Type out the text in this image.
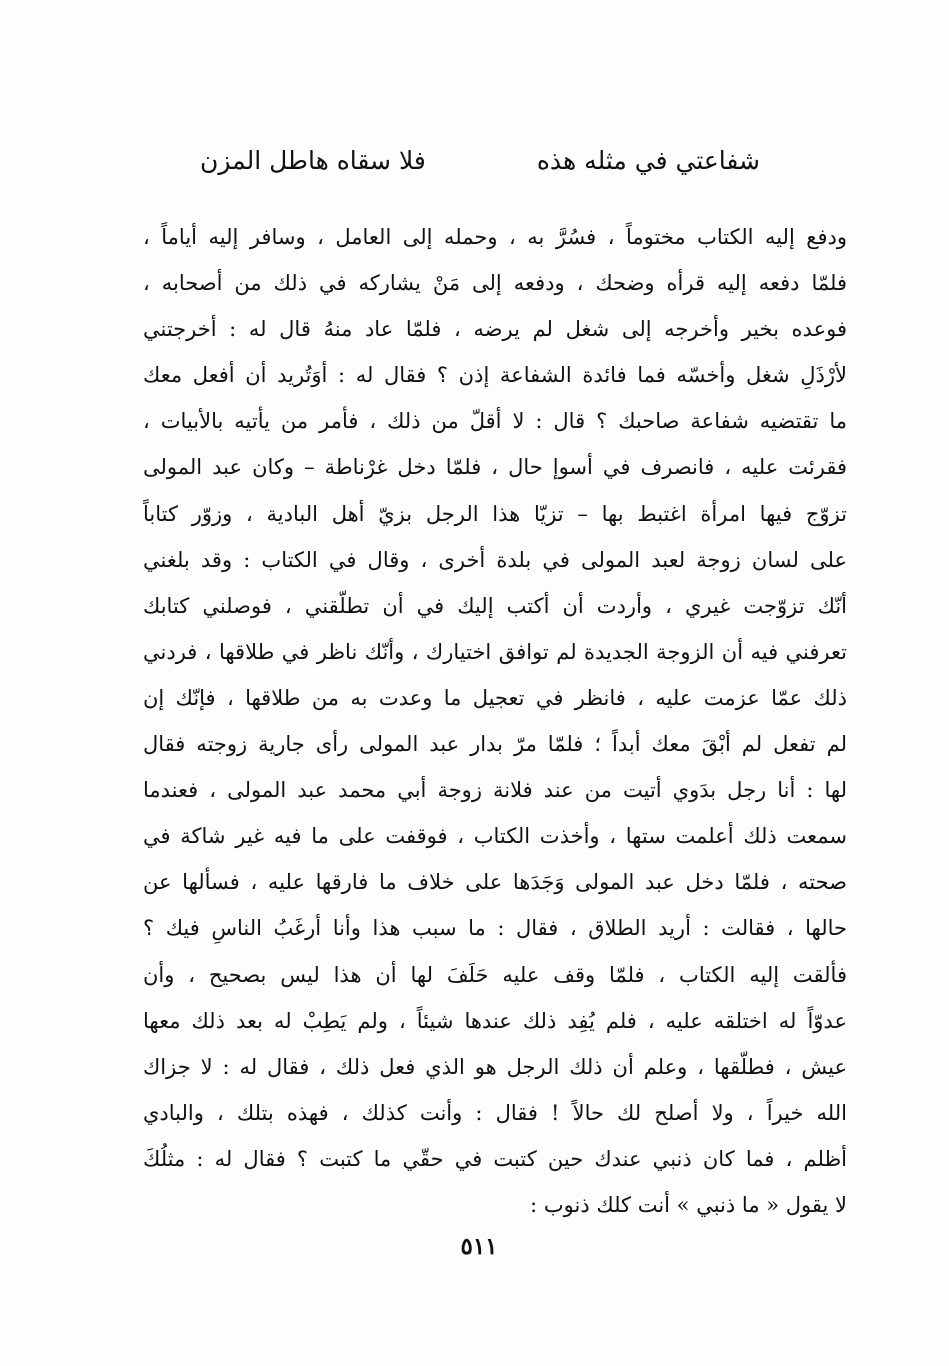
شفاعتي في مثله هذه
فلا سقاه هاطل المزن
ودفع إليه الكتاب مختوماً ، فسُرَّ به ، وحمله إلى العامل ، وسافر إليه أياماً ،
فلمّا دفعه إليه قرأه وضحك ، ودفعه إلى مَنْ يشاركه في ذلك من أصحابه ،
فوعده بخير وأخرجه إلى شغل لم يرضه ، فلمّا عاد منهُ قال له : أخرجتني
لأرْذَلِ شغل وأخسّه فما فائدة الشفاعة إذن ؟ فقال له : أوَتُريد أن أفعل معك
ما تقتضيه شفاعة صاحبك ؟ قال : لا أقلّ من ذلك ، فأمر من يأتيه بالأبيات ،
فقرئت عليه ، فانصرف في أسوإ حال ، فلمّا دخل غرْناطة – وكان عبد المولى
تزوّج فيها امرأة اغتبط بها – تزيّا هذا الرجل بزيّ أهل البادية ، وزوّر كتاباً
على لسان زوجة لعبد المولى في بلدة أخرى ، وقال في الكتاب : وقد بلغني
أنّك تزوّجت غيري ، وأردت أن أكتب إليك في أن تطلّقني ، فوصلني كتابك
تعرفني فيه أن الزوجة الجديدة لم توافق اختيارك ، وأنّك ناظر في طلاقها ، فردني
ذلك عمّا عزمت عليه ، فانظر في تعجيل ما وعدت به من طلاقها ، فإنّك إن
لم تفعل لم أبْقَ معك أبداً ؛ فلمّا مرّ بدار عبد المولى رأى جارية زوجته فقال
لها : أنا رجل بدَوي أتيت من عند فلانة زوجة أبي محمد عبد المولى ، فعندما
سمعت ذلك أعلمت ستها ، وأخذت الكتاب ، فوقفت على ما فيه غير شاكة في
صحته ، فلمّا دخل عبد المولى وَجَدَها على خلاف ما فارقها عليه ، فسألها عن
حالها ، فقالت : أريد الطلاق ، فقال : ما سبب هذا وأنا أرغَبُ الناسِ فيك ؟
فألقت إليه الكتاب ، فلمّا وقف عليه حَلَفَ لها أن هذا ليس بصحيح ، وأن
عدوّاً له اختلقه عليه ، فلم يُفِد ذلك عندها شيئاً ، ولم يَطِبْ له بعد ذلك معها
عيش ، فطلّقها ، وعلم أن ذلك الرجل هو الذي فعل ذلك ، فقال له : لا جزاك
الله خيراً ، ولا أصلح لك حالاً ! فقال : وأنت كذلك ، فهذه بتلك ، والبادي
أظلم ، فما كان ذنبي عندك حين كتبت في حقّي ما كتبت ؟ فقال له : مثلُكَ
لا يقول « ما ذنبي » أنت كلك ذنوب :
٥١١
